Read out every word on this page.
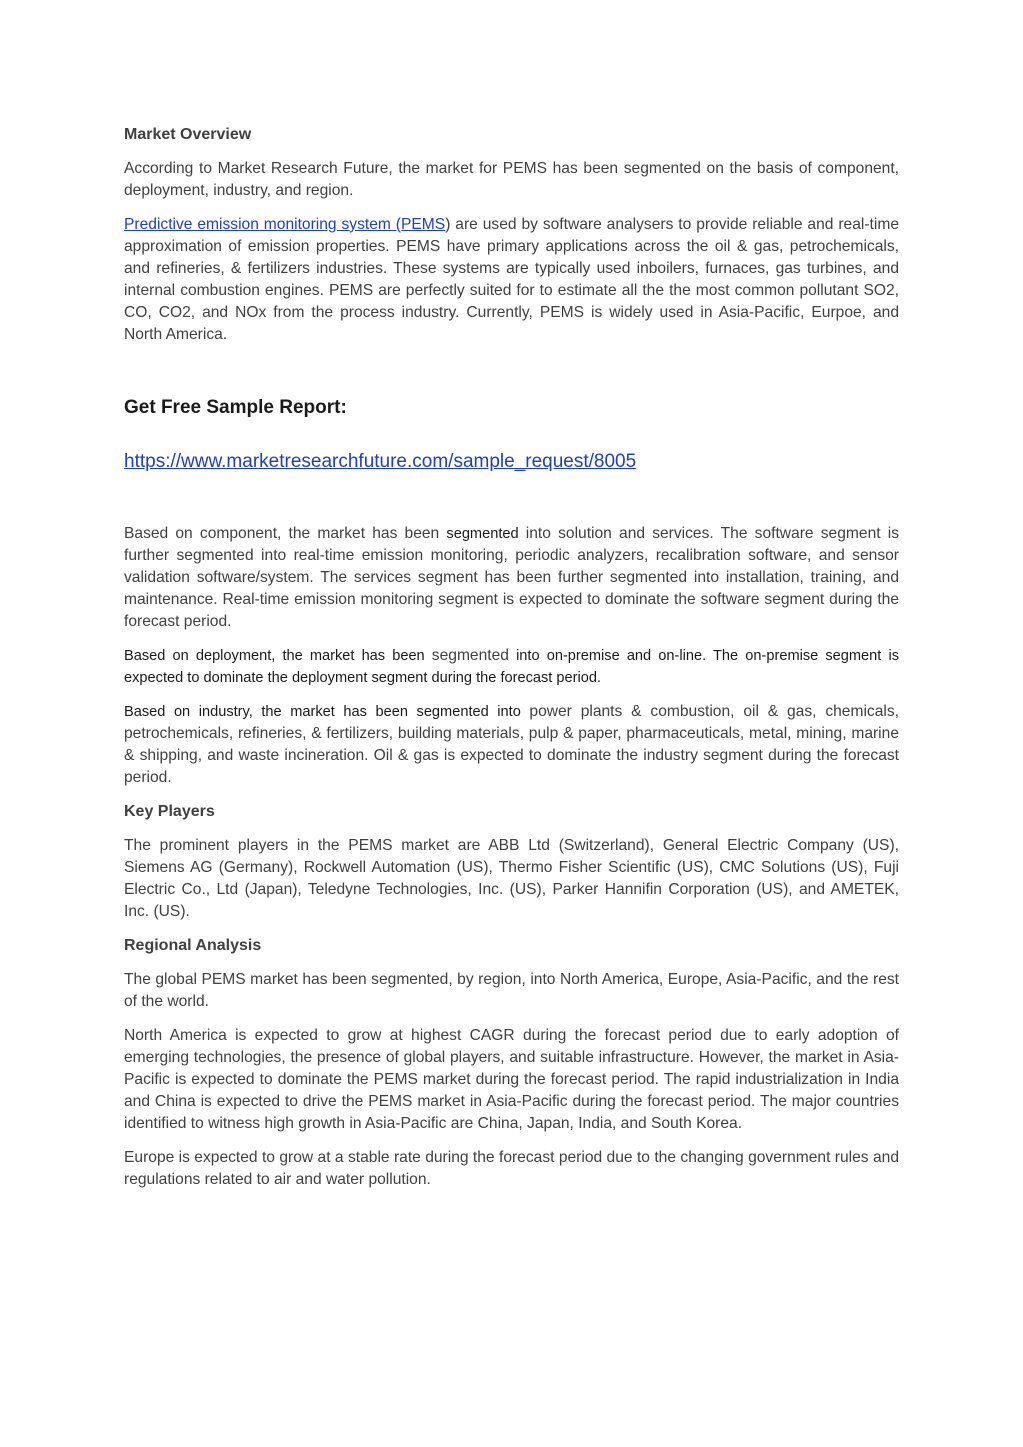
Market Overview

According to Market Research Future, the market for PEMS has been segmented on the basis of component, deployment, industry, and region.

Predictive emission monitoring system (PEMS) are used by software analysers to provide reliable and real-time approximation of emission properties. PEMS have primary applications across the oil & gas, petrochemicals, and refineries, & fertilizers industries. These systems are typically used inboilers, furnaces, gas turbines, and internal combustion engines. PEMS are perfectly suited for to estimate all the the most common pollutant SO2, CO, CO2, and NOx from the process industry. Currently, PEMS is widely used in Asia-Pacific, Eurpoe, and North America.

Get Free Sample Report:
https://www.marketresearchfuture.com/sample_request/8005

Based on component, the market has been segmented into solution and services. The software segment is further segmented into real-time emission monitoring, periodic analyzers, recalibration software, and sensor validation software/system. The services segment has been further segmented into installation, training, and maintenance. Real-time emission monitoring segment is expected to dominate the software segment during the forecast period.

Based on deployment, the market has been segmented into on-premise and on-line. The on-premise segment is expected to dominate the deployment segment during the forecast period.

Based on industry, the market has been segmented into power plants & combustion, oil & gas, chemicals, petrochemicals, refineries, & fertilizers, building materials, pulp & paper, pharmaceuticals, metal, mining, marine & shipping, and waste incineration. Oil & gas is expected to dominate the industry segment during the forecast period.

Key Players

The prominent players in the PEMS market are ABB Ltd (Switzerland), General Electric Company (US), Siemens AG (Germany), Rockwell Automation (US), Thermo Fisher Scientific (US), CMC Solutions (US), Fuji Electric Co., Ltd (Japan), Teledyne Technologies, Inc. (US), Parker Hannifin Corporation (US), and AMETEK, Inc. (US).

Regional Analysis

The global PEMS market has been segmented, by region, into North America, Europe, Asia-Pacific, and the rest of the world.

North America is expected to grow at highest CAGR during the forecast period due to early adoption of emerging technologies, the presence of global players, and suitable infrastructure. However, the market in Asia-Pacific is expected to dominate the PEMS market during the forecast period. The rapid industrialization in India and China is expected to drive the PEMS market in Asia-Pacific during the forecast period. The major countries identified to witness high growth in Asia-Pacific are China, Japan, India, and South Korea.

Europe is expected to grow at a stable rate during the forecast period due to the changing government rules and regulations related to air and water pollution.
